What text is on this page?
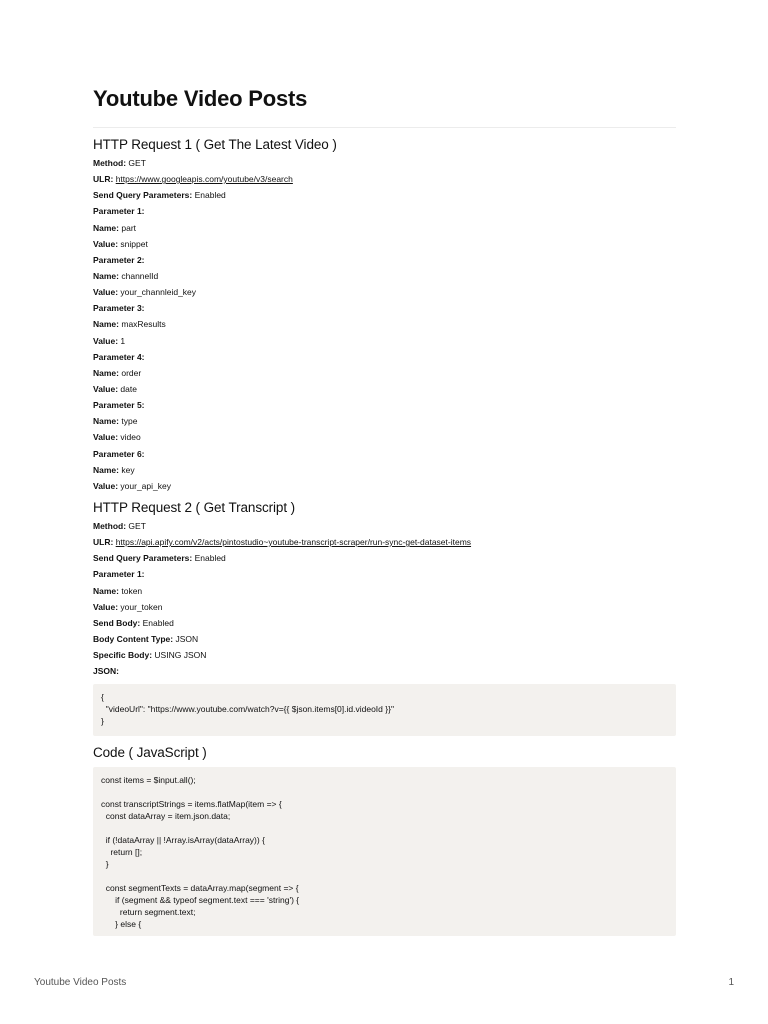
Youtube Video Posts
HTTP Request 1 ( Get The Latest Video )
Method: GET
ULR: https://www.googleapis.com/youtube/v3/search
Send Query Parameters: Enabled
Parameter 1:
Name: part
Value: snippet
Parameter 2:
Name: channelId
Value: your_channleid_key
Parameter 3:
Name: maxResults
Value: 1
Parameter 4:
Name: order
Value: date
Parameter 5:
Name: type
Value: video
Parameter 6:
Name: key
Value: your_api_key
HTTP Request 2 ( Get Transcript )
Method: GET
ULR: https://api.apify.com/v2/acts/pintostudio~youtube-transcript-scraper/run-sync-get-dataset-items
Send Query Parameters: Enabled
Parameter 1:
Name: token
Value: your_token
Send Body: Enabled
Body Content Type: JSON
Specific Body: USING JSON
JSON:
{
"videoUrl": "https://www.youtube.com/watch?v={{ $json.items[0].id.videoId }}"
}
Code ( JavaScript )
const items = $input.all();

const transcriptStrings = items.flatMap(item => {
const dataArray = item.json.data;

if (!dataArray || !Array.isArray(dataArray)) {
return [];
}

const segmentTexts = dataArray.map(segment => {
if (segment && typeof segment.text === 'string') {
return segment.text;
} else {
Youtube Video Posts	1
